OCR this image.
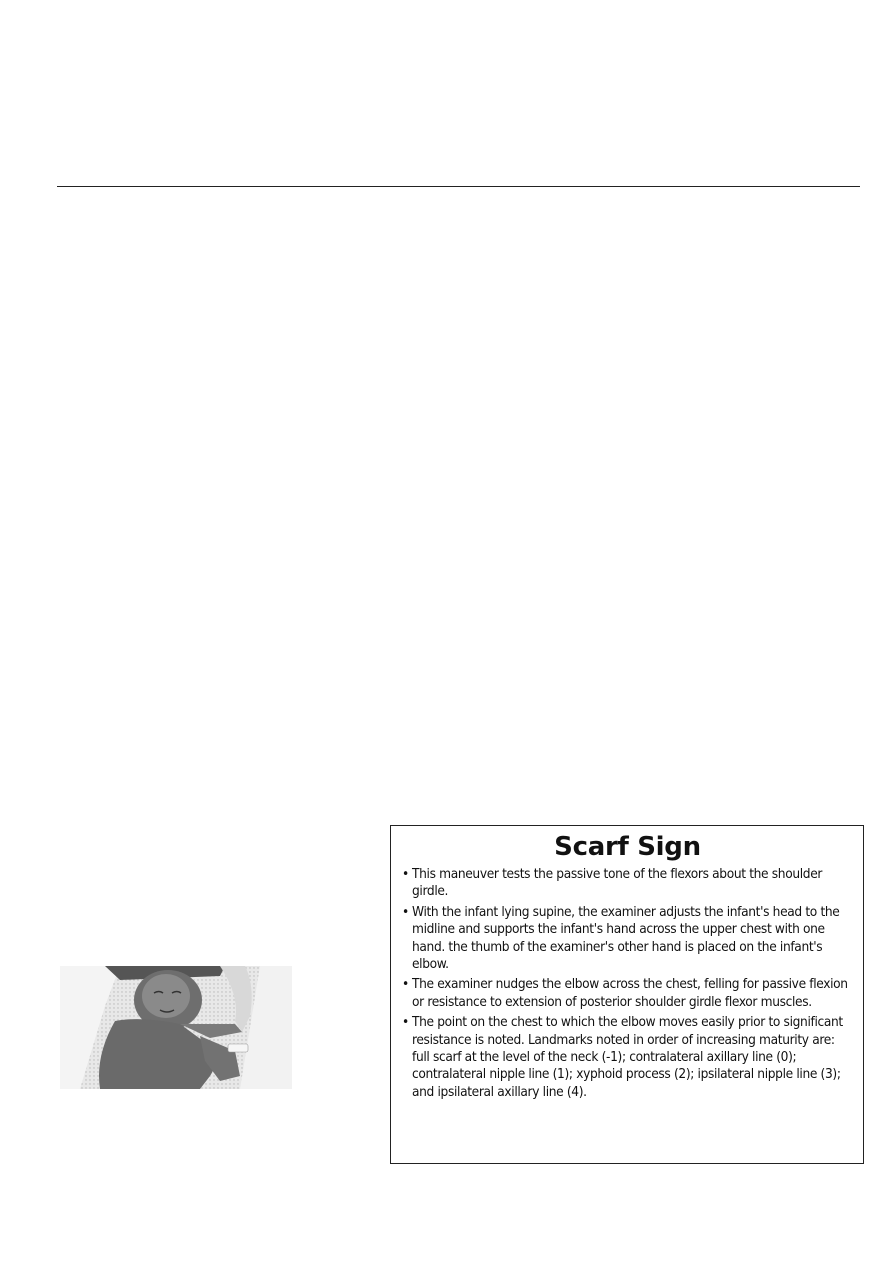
Scarf Sign
• This maneuver tests the passive tone of the flexors about the shoulder girdle.
• With the infant lying supine, the examiner adjusts the infant's head to the midline and supports the infant's hand across the upper chest with one hand. the thumb of the examiner's other hand is placed on the infant's elbow.
• The examiner nudges the elbow across the chest, felling for passive flexion or resistance to extension of posterior shoulder girdle flexor muscles.
• The point on the chest to which the elbow moves easily prior to significant resistance is noted. Landmarks noted in order of increasing maturity are: full scarf at the level of the neck (-1); contralateral axillary line (0); contralateral nipple line (1); xyphoid process (2); ipsilateral nipple line (3); and ipsilateral axillary line (4).
